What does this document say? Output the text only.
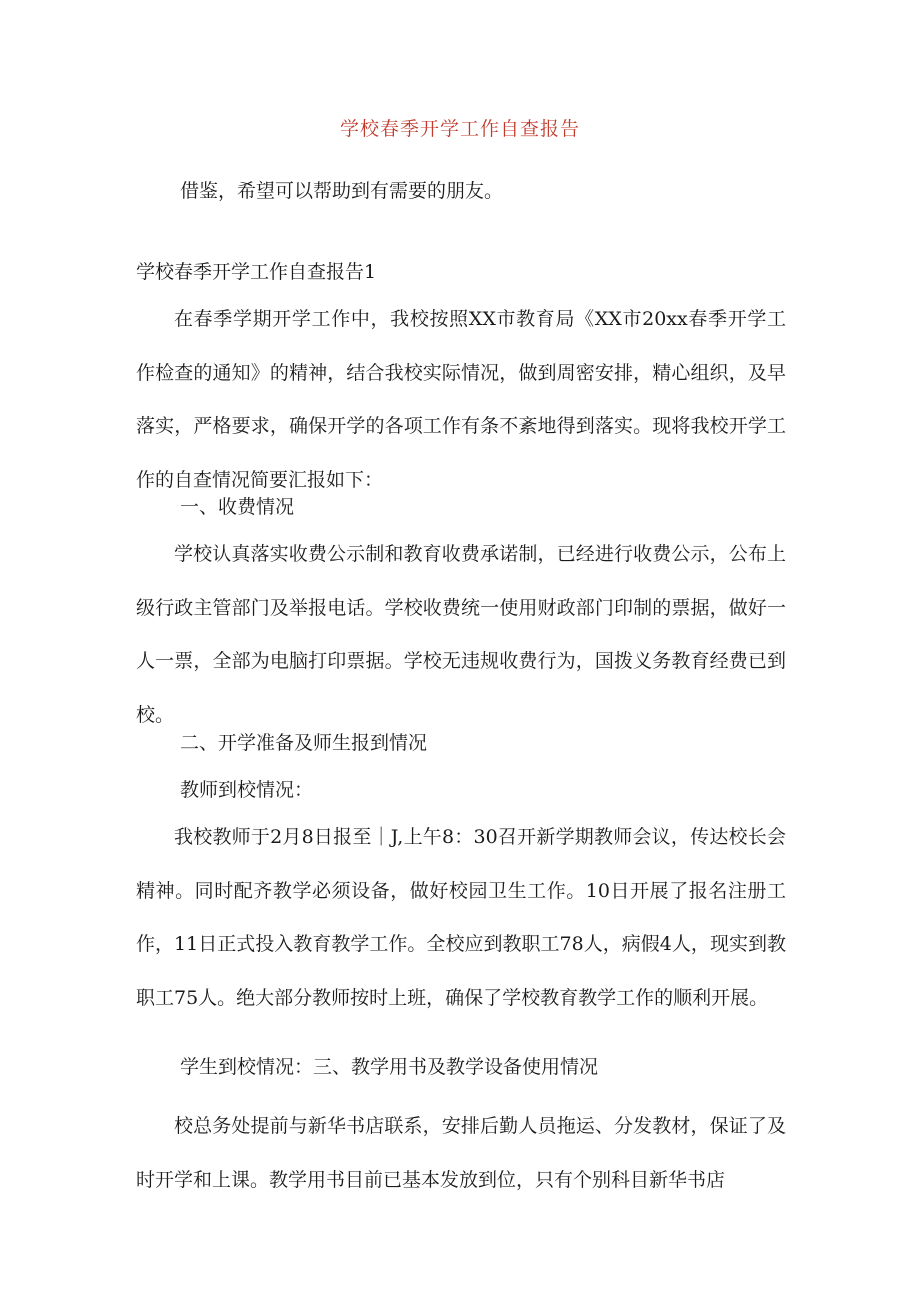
学校春季开学工作自查报告
借鉴，希望可以帮助到有需要的朋友。
学校春季开学工作自查报告1

在春季学期开学工作中，我校按照XX市教育局《XX市20xx春季开学工作检查的通知》的精神，结合我校实际情况，做到周密安排，精心组织，及早落实，严格要求，确保开学的各项工作有条不紊地得到落实。现将我校开学工作的自查情况简要汇报如下：

一、收费情况

学校认真落实收费公示制和教育收费承诺制，已经进行收费公示，公布上级行政主管部门及举报电话。学校收费统一使用财政部门印制的票据，做好一人一票，全部为电脑打印票据。学校无违规收费行为，国拨义务教育经费已到校。

二、开学准备及师生报到情况
教师到校情况：

我校教师于2月8日报至｜J,上午8：30召开新学期教师会议，传达校长会精神。同时配齐教学必须设备，做好校园卫生工作。10日开展了报名注册工作，11日正式投入教育教学工作。全校应到教职工78人，病假4人，现实到教职工75人。绝大部分教师按时上班，确保了学校教育教学工作的顺利开展。

学生到校情况：三、教学用书及教学设备使用情况

校总务处提前与新华书店联系，安排后勤人员拖运、分发教材，保证了及时开学和上课。教学用书目前已基本发放到位，只有个别科目新华书店
